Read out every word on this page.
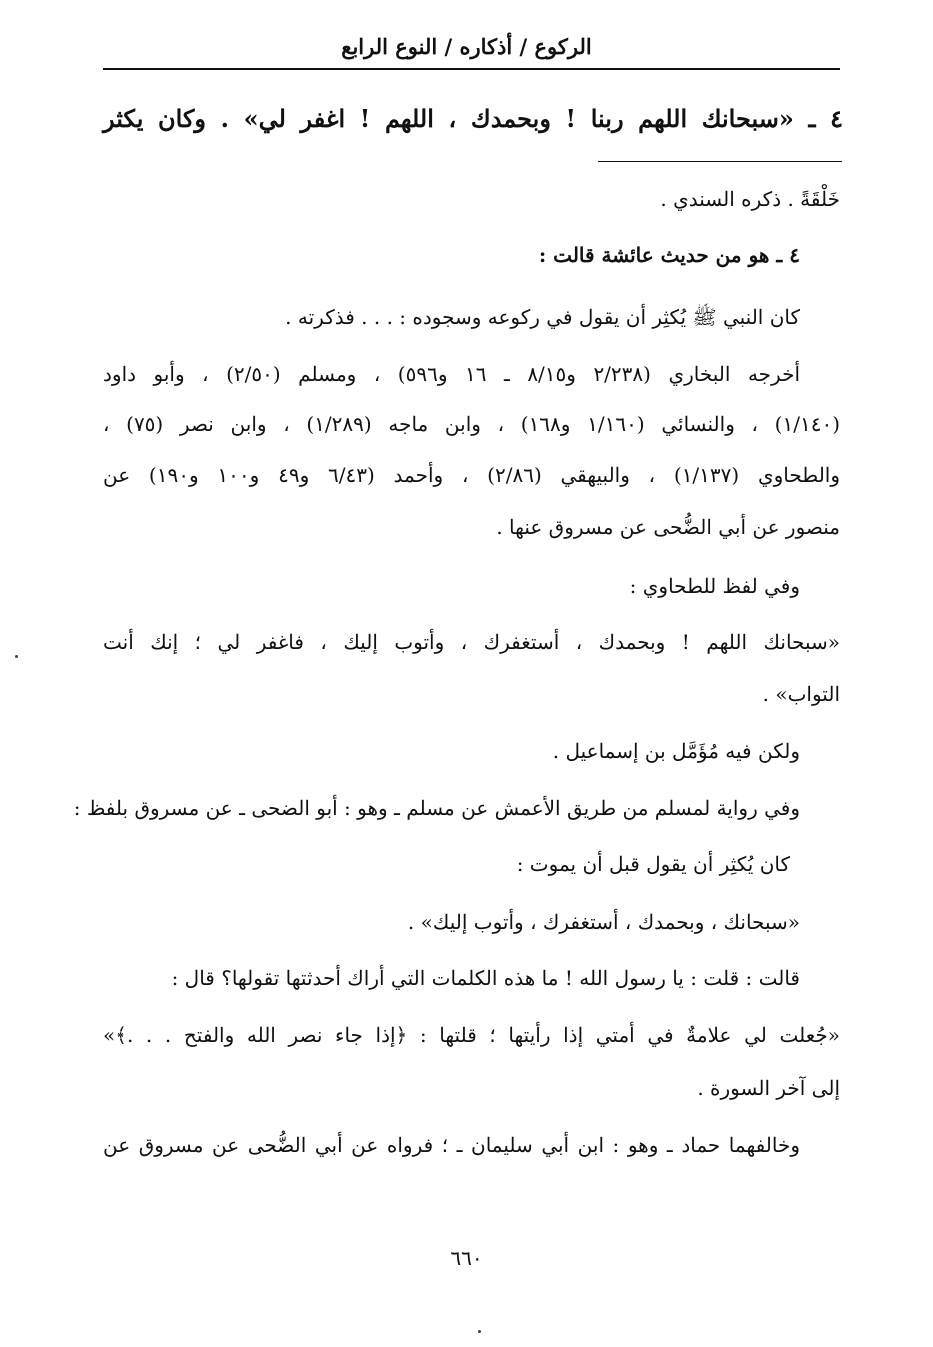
الركوع / أذكاره / النوع الرابع
٤ ـ «سبحانك اللهم ربنا ! وبحمدك ، اللهم ! اغفر لي» . وكان يكثر
خَلْقَةً . ذكره السندي .
٤ ـ هو من حديث عائشة قالت :
كان النبي ﷺ يُكثِر أن يقول في ركوعه وسجوده : . . . فذكرته .
أخرجه البخاري (٢/٢٣٨ و٨/١٥ ـ ١٦ و٥٩٦) ، ومسلم (٢/٥٠) ، وأبو داود
(١/١٤٠) ، والنسائي (١/١٦٠ و١٦٨) ، وابن ماجه (١/٢٨٩) ، وابن نصر (٧٥) ،
والطحاوي (١/١٣٧) ، والبيهقي (٢/٨٦) ، وأحمد (٦/٤٣ و٤٩ و١٠٠ و١٩٠) عن
منصور عن أبي الضُّحى عن مسروق عنها .
وفي لفظ للطحاوي :
«سبحانك اللهم ! وبحمدك ، أستغفرك ، وأتوب إليك ، فاغفر لي ؛ إنك أنت
التواب» .
ولكن فيه مُؤَمَّل بن إسماعيل .
وفي رواية لمسلم من طريق الأعمش عن مسلم ـ وهو : أبو الضحى ـ عن مسروق بلفظ :
كان يُكثِر أن يقول قبل أن يموت :
«سبحانك ، وبحمدك ، أستغفرك ، وأتوب إليك» .
قالت : قلت : يا رسول الله ! ما هذه الكلمات التي أراك أحدثتها تقولها؟ قال :
«جُعلت لي علامةٌ في أمتي إذا رأيتها ؛ قلتها : ﴿إذا جاء نصر الله والفتح . . .﴾»
إلى آخر السورة .
وخالفهما حماد ـ وهو : ابن أبي سليمان ـ ؛ فرواه عن أبي الضُّحى عن مسروق عن
٦٦٠
